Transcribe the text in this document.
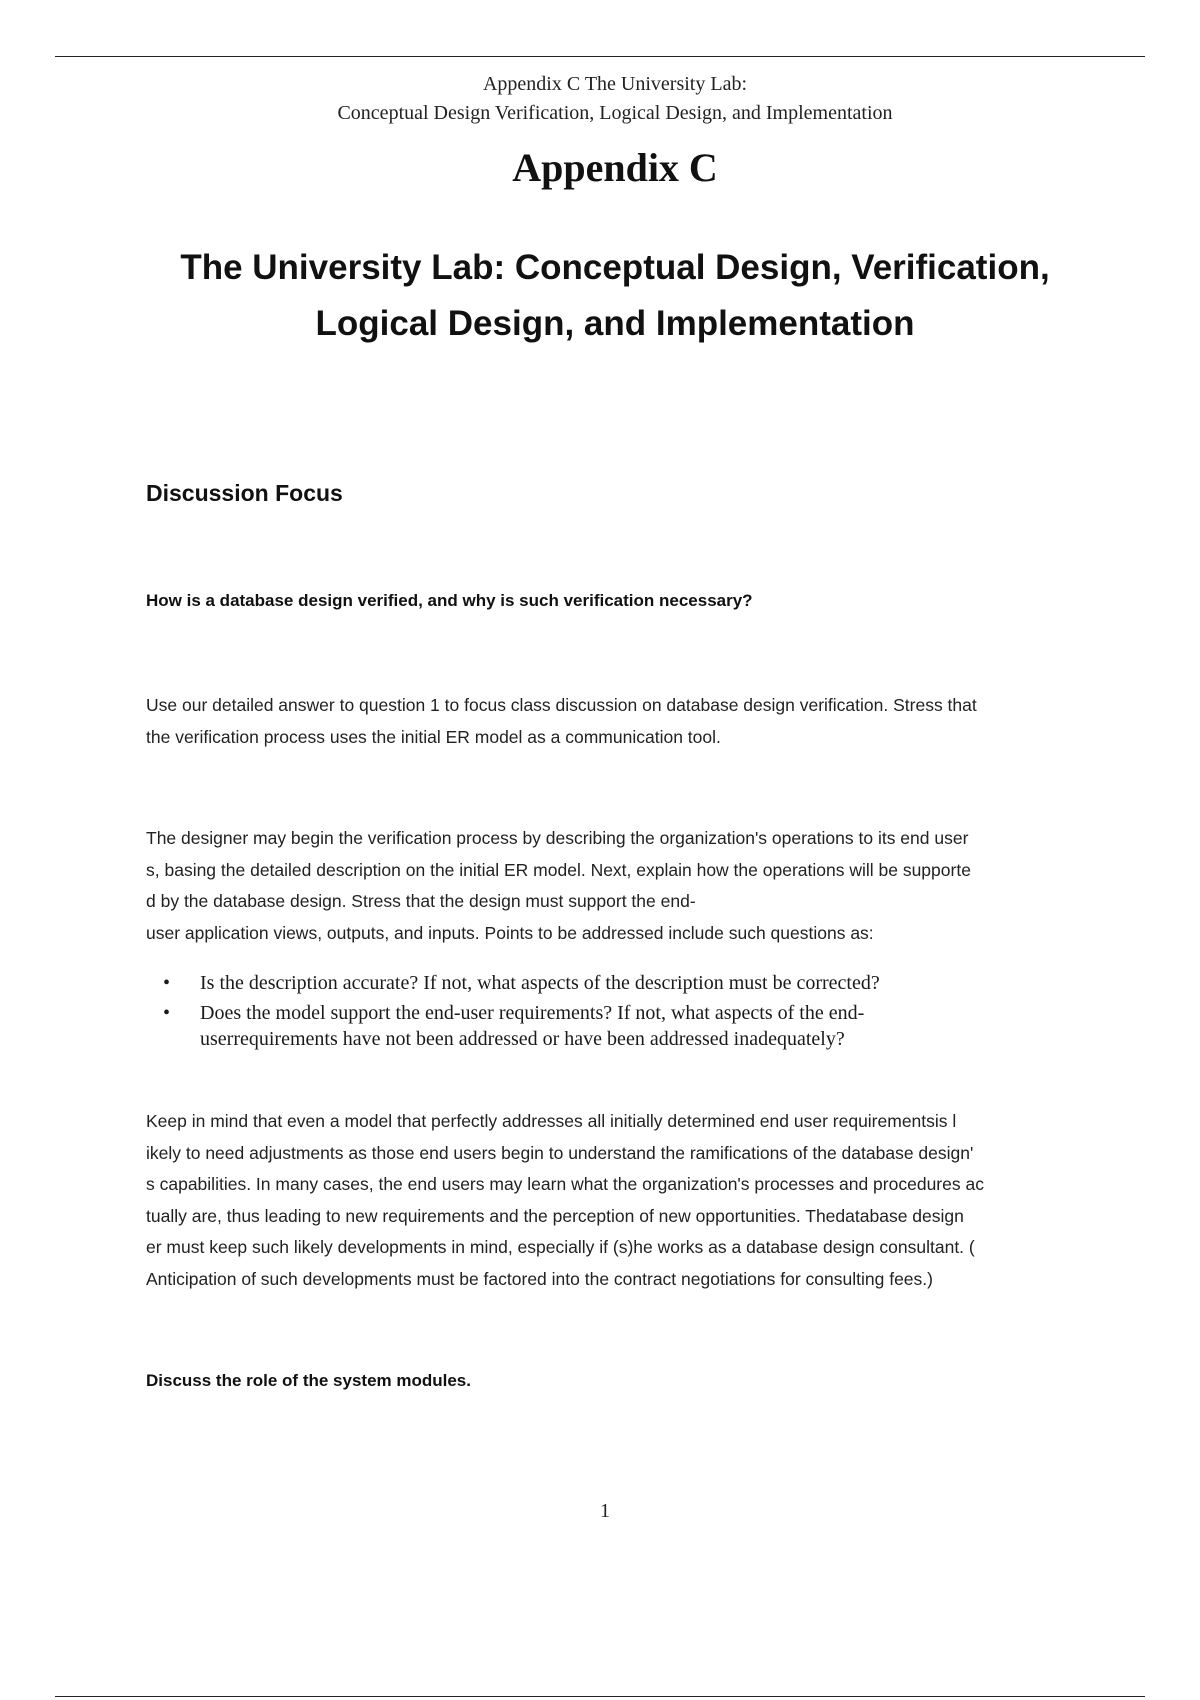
Appendix C The University Lab:
Conceptual Design Verification, Logical Design, and Implementation
Appendix C
The University Lab: Conceptual Design, Verification,
Logical Design, and Implementation
Discussion Focus
How is a database design verified, and why is such verification necessary?
Use our detailed answer to question 1 to focus class discussion on database design verification. Stress that
the verification process uses the initial ER model as a communication tool.
The designer may begin the verification process by describing the organization's operations to its end user
s, basing the detailed description on the initial ER model. Next, explain how the operations will be supporte
d by the database design. Stress that the design must support the end-
user application views, outputs, and inputs. Points to be addressed include such questions as:
• Is the description accurate? If not, what aspects of the description must be corrected?
• Does the model support the end-user requirements? If not, what aspects of the end-
userrequirements have not been addressed or have been addressed inadequately?
Keep in mind that even a model that perfectly addresses all initially determined end user requirementsis l
ikely to need adjustments as those end users begin to understand the ramifications of the database design'
s capabilities. In many cases, the end users may learn what the organization's processes and procedures ac
tually are, thus leading to new requirements and the perception of new opportunities. Thedatabase design
er must keep such likely developments in mind, especially if (s)he works as a database design consultant. (
Anticipation of such developments must be factored into the contract negotiations for consulting fees.)
Discuss the role of the system modules.
1
